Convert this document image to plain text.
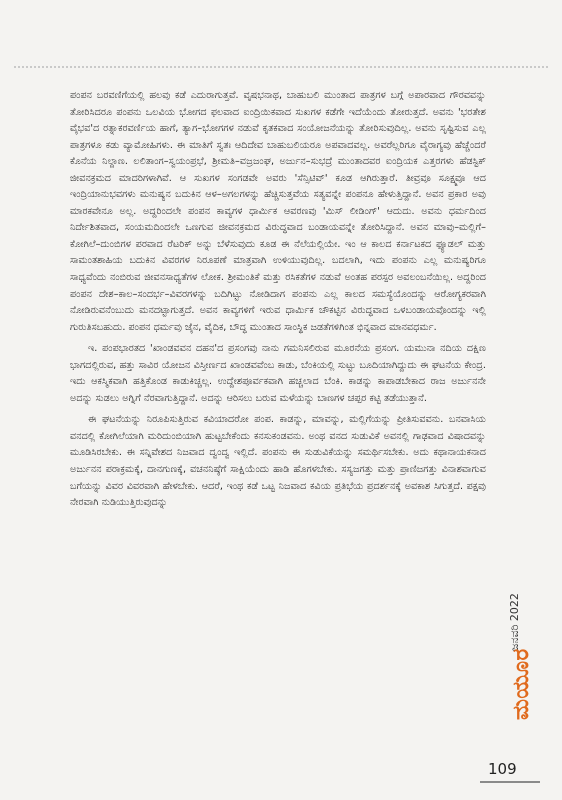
ಪಂಪನ ಬರವಣಿಗೆಯಲ್ಲಿ ಹಲವು ಕಡೆ ಎದುರಾಗುತ್ತವೆ. ವೃಷಭನಾಥ, ಬಾಹುಬಲಿ ಮುಂತಾದ ಪಾತ್ರಗಳ ಬಗ್ಗೆ ಅಪಾರವಾದ ಗೌರವವನ್ನು ತೋರಿಸಿದರೂ ಪಂಪನು ಒಲವಿಯ ಭೋಗದ ಫಲವಾದ ಐಂದ್ರಿಯಿಕವಾದ ಸುಖಗಳ ಕಡೆಗೇ ಇದೆಯೆಂದು ತೋರುತ್ತದೆ. ಅವನು 'ಭರತೇಶ ವೈಭವ'ದ ರತ್ನಾಕರವರ್ಣಿಯ ಹಾಗೆ, ತ್ಯಾಗ–ಭೋಗಗಳ ನಡುವೆ ಕೃತಕವಾದ ಸಂಯೋಜನೆಯನ್ನು ತೋರಿಸುವುದಿಲ್ಲ. ಅವನು ಸೃಷ್ಟಿಸುವ ಎಲ್ಲ ಪಾತ್ರಗಳೂ ಕಡು ವ್ಯಾಮೋಹಿಗಳು. ಈ ಮಾತಿಗೆ ಸ್ವತಃ ಆದಿದೇವ ಬಾಹುಬಲಿಯರೂ ಅಪವಾದವಲ್ಲ. ಅವರೆಲ್ಲರಿಗೂ ವೈರಾಗ್ಯವು ಹೆಚ್ಚೆಂದರೆ ಕೊನೆಯ ನಿಲ್ದಾಣ. ಲಲಿತಾಂಗ–ಸ್ವಯಂಪ್ರಭೆ, ಶ್ರೀಮತಿ–ವಜ್ರಜಂಘ, ಅರ್ಜುನ–ಸುಭದ್ರೆ ಮುಂತಾದವರ ಐಂದ್ರಿಯಕ ಎತ್ತರಗಳು ಹೆಡಸ್ಟಿಕ್ ಜೀವನಕ್ರಮದ ಮಾದರಿಗಳಾಗಿವೆ. ಆ ಸುಖಗಳ ಸಂಗಡವೇ ಅವರು 'ಸೆನ್ಸಿಟಿವ್' ಕೂಡ ಆಗಿರುತ್ತಾರೆ. ತೀವ್ರವೂ ಸೂಕ್ಷ್ಮವೂ ಆದ ಇಂದ್ರಿಯಾನುಭವಗಳು ಮನುಷ್ಯನ ಬದುಕಿನ ಆಳ–ಅಗಲಗಳನ್ನು ಹೆಚ್ಚಿಸುತ್ತವೆಯ ಸತ್ಯವನ್ನೇ ಪಂಪನೂ ಹೇಳುತ್ತಿದ್ದಾನೆ. ಅವನ ಪ್ರಕಾರ ಅವು ಮಾರಕವೇನೂ ಅಲ್ಲ. ಅದ್ದರಿಂದಲೇ ಪಂಪನ ಕಾವ್ಯಗಳ ಧಾರ್ಮಿಕ ಆವರಣವು 'ಮಿಸ್ ಲೀಡಿಂಗ್' ಆದುದು. ಅವನು ಧರ್ಮದಿಂದ ನಿರ್ದೇಶಿತವಾದ, ಸಂಯಮದಿಂದಲೇ ಒಣಗುವ ಜೀವನಕ್ರಮದ ವಿರುದ್ಧವಾದ ಬಂಡಾಯವನ್ನೇ ತೋರಿಸಿದ್ದಾನೆ. ಅವನ ಮಾವು–ಮಲ್ಲಿಗೆ–ಕೋಗಿಲೆ–ದುಂಬಿಗಳ ಪರವಾದ ರೆಟರಿಕ್ ಅನ್ನು ಬೆಳೆಸುವುದು ಕೂಡ ಈ ನೆಲೆಯಲ್ಲಿಯೇ. ಇಂ ಆ ಕಾಲದ ಕರ್ನಾಟಕದ ಫ್ಯೂಡಲ್ ಮತ್ತು ಸಾಮಂತಶಾಹಿಯ ಬದುಕಿನ ವಿವರಗಳ ನಿರೂಪಣೆ ಮಾತ್ರವಾಗಿ ಉಳಿಯುವುದಿಲ್ಲ. ಬದಲಾಗಿ, ಇದು ಪಂಪನು ಎಲ್ಲ ಮನುಷ್ಯರಿಗೂ ಸಾಧ್ಯವೆಂದು ನಂಬಿರುವ ಜೀವನಸಾಧ್ಯತೆಗಳ ಲೋಕ. ಶ್ರೀಮಂತಿಕೆ ಮತ್ತು ರಸಿಕತೆಗಳ ನಡುವೆ ಅಂತಹ ಪರಸ್ಪರ ಅವಲಂಬನೆಯಿಲ್ಲ. ಅದ್ದರಿಂದ ಪಂಪನ ದೇಶ–ಕಾಲ–ಸಂದರ್ಭ–ವಿವರಗಳನ್ನು ಬದಿಗಿಟ್ಟು ನೋಡಿದಾಗ ಪಂಪನು ಎಲ್ಲ ಕಾಲದ ಸಮಸ್ಯೆಯೊಂದನ್ನು ಆರೋಗ್ಯಕರವಾಗಿ ನೋಡಿರುವನೆಂಬುದು ಮನದಟ್ಟಾಗುತ್ತದೆ. ಅವನ ಕಾವ್ಯಗಳಿಗೆ ಇರುವ ಧಾರ್ಮಿಕ ಚೌಕಟ್ಟಿನ ವಿರುದ್ಧವಾದ ಒಳಬಂಡಾಯವೊಂದನ್ನು ಇಲ್ಲಿ ಗುರುತಿಸಬಹುದು. ಪಂಪನ ಧರ್ಮವು ಜೈನ, ವೈದಿಕ, ಬೌದ್ಧ ಮುಂತಾದ ಸಾಂಸ್ಥಿಕ ಜಡತೆಗಳಿಗಿಂತ ಭಿನ್ನವಾದ ಮಾನವಧರ್ಮ.

ಇ. ಪಂಪಭಾರತದ 'ಖಾಂಡವವನ ದಹನ'ದ ಪ್ರಸಂಗವು ನಾನು ಗಮನಿಸಲಿರುವ ಮೂರನೆಯ ಪ್ರಸಂಗ. ಯಮುನಾ ನದಿಯ ದಕ್ಷಿಣ ಭಾಗದಲ್ಲಿರುವ, ಹತ್ತು ಸಾವಿರ ಯೋಜನ ವಿಸ್ತೀರ್ಣದ ಖಾಂಡವವೆಂಬ ಕಾಡು, ಬೆಂಕಿಯಲ್ಲಿ ಸುಟ್ಟು ಬೂದಿಯಾಗಿದ್ದುದು ಈ ಘಟನೆಯ ಕೇಂದ್ರ. ಇದು ಆಕಸ್ಮಿಕವಾಗಿ ಹತ್ತಿಕೊಂಡ ಕಾಡುಕಿಚ್ಚಲ್ಲ. ಉದ್ದೇಶಪೂರ್ವಕವಾಗಿ ಹಚ್ಚಲಾದ ಬೆಂಕಿ. ಕಾಡನ್ನು ಕಾಪಾಡಬೇಕಾದ ರಾಜ ಅರ್ಜುನನೇ ಅದನ್ನು ಸುಡಲು ಅಗ್ನಿಗೆ ನೆರವಾಗುತ್ತಿದ್ದಾನೆ. ಅದನ್ನು ಆರಿಸಲು ಬರುವ ಮಳೆಯನ್ನು ಬಾಣಗಳ ಚಪ್ಪರ ಕಟ್ಟಿ ತಡೆಯುತ್ತಾನೆ.

ಈ ಘಟನೆಯನ್ನು ನಿರೂಪಿಸುತ್ತಿರುವ ಕವಿಯಾದರೋ ಪಂಪ. ಕಾಡನ್ನು, ಮಾವನ್ನು, ಮಲ್ಲಿಗೆಯನ್ನು ಪ್ರೀತಿಸುವವನು. ಬನವಾಸಿಯ ವನದಲ್ಲಿ ಕೋಗಿಲೆಯಾಗಿ ಮರಿದುಂಬಿಯಾಗಿ ಹುಟ್ಟಬೇಕೆಂದು ಕನಸುಕಂಡವನು. ಅಂಥ ವನದ ಸುಡುವಿಕೆ ಅವನಲ್ಲಿ ಗಾಢವಾದ ವಿಷಾದವನ್ನು ಮೂಡಿಸಿರಬೇಕು. ಈ ಸನ್ನಿವೇಶದ ನಿಜವಾದ ದ್ವಂದ್ವ ಇಲ್ಲಿದೆ. ಪಂಪನು ಈ ಸುಡುವಿಕೆಯನ್ನು ಸಮರ್ಥಿಸಬೇಕು. ಅದು ಕಥಾನಾಯಕನಾದ ಅರ್ಜುನನ ಪರಾಕ್ರಮಕ್ಕೆ, ದಾನಗುಣಕ್ಕೆ, ವಚನನಿಷ್ಠೆಗೆ ಸಾಕ್ಷಿಯೆಂದು ಹಾಡಿ ಹೊಗಳಬೇಕು. ಸಸ್ಯಜಗತ್ತು ಮತ್ತು ಪ್ರಾಣಿಜಗತ್ತು ವಿನಾಶವಾಗುವ ಬಗೆಯನ್ನು ವಿವರ ವಿವರವಾಗಿ ಹೇಳಬೇಕು. ಆದರೆ, ಇಂಥ ಕಡೆ ಒಟ್ಟ ನಿಜವಾದ ಕವಿಯ ಪ್ರತಿಭೆಯ ಪ್ರದರ್ಶನಕ್ಕೆ ಅವಕಾಶ ಸಿಗುತ್ತದೆ. ಪಕ್ಷವು ನೇರವಾಗಿ ನುಡಿಯುತ್ತಿರುವುದನ್ನು

ಜನವರಿ 2022
ಮಯೂರ
109
